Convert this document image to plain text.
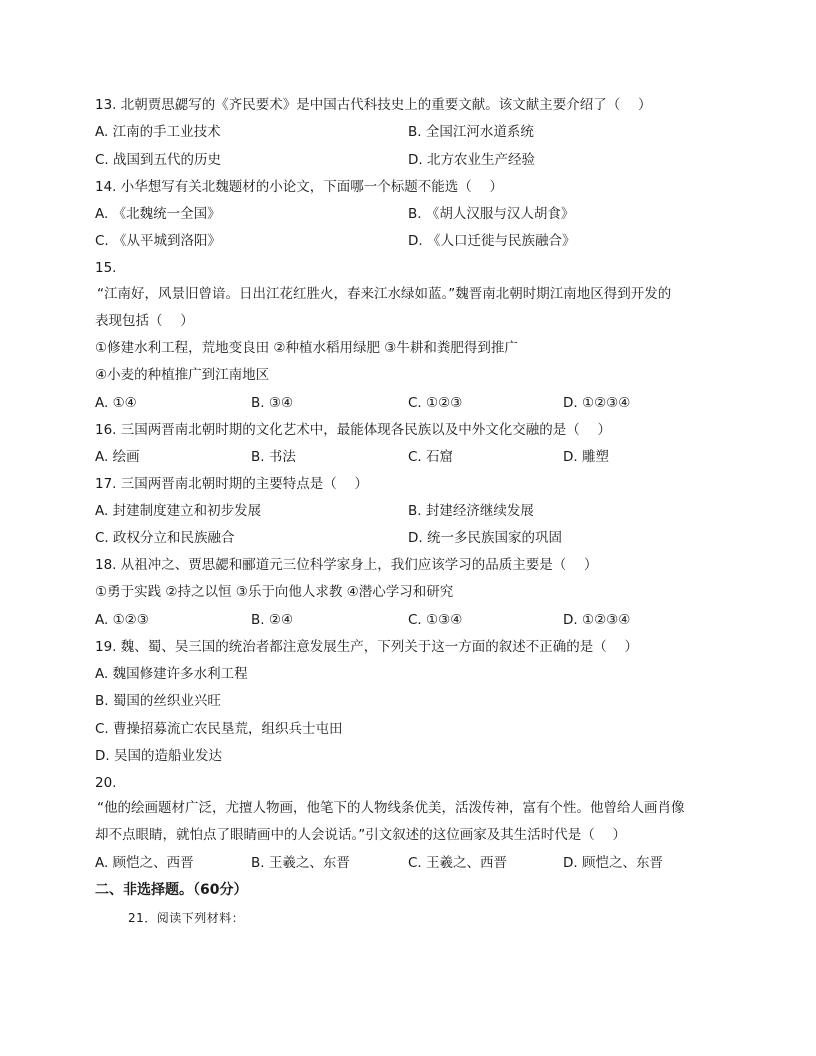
13. 北朝贾思勰写的《齐民要术》是中国古代科技史上的重要文献。该文献主要介绍了（　 ）
A. 江南的手工业技术	B. 全国江河水道系统
C. 战国到五代的历史	D. 北方农业生产经验
14. 小华想写有关北魏题材的小论文，下面哪一个标题不能选（　 ）
A. 《北魏统一全国》	B. 《胡人汉服与汉人胡食》
C. 《从平城到洛阳》	D. 《人口迁徙与民族融合》
15.
“江南好，风景旧曾谙。日出江花红胜火，春来江水绿如蓝。”魏晋南北朝时期江南地区得到开发的
表现包括（　 ）
①修建水利工程，荒地变良田 ②种植水稻用绿肥 ③牛耕和粪肥得到推广
④小麦的种植推广到江南地区
A. ①④	B. ③④	C. ①②③	D. ①②③④
16. 三国两晋南北朝时期的文化艺术中，最能体现各民族以及中外文化交融的是（　 ）
A. 绘画	B. 书法	C. 石窟	D. 雕塑
17. 三国两晋南北朝时期的主要特点是（　 ）
A. 封建制度建立和初步发展	B. 封建经济继续发展
C. 政权分立和民族融合	D. 统一多民族国家的巩固
18. 从祖冲之、贾思勰和郦道元三位科学家身上，我们应该学习的品质主要是（　 ）
①勇于实践 ②持之以恒 ③乐于向他人求教 ④潜心学习和研究
A. ①②③	B. ②④	C. ①③④	D. ①②③④
19. 魏、蜀、吴三国的统治者都注意发展生产，下列关于这一方面的叙述不正确的是（　 ）
A. 魏国修建许多水利工程
B. 蜀国的丝织业兴旺
C. 曹操招募流亡农民垦荒，组织兵士屯田
D. 吴国的造船业发达
20.
“他的绘画题材广泛，尤擅人物画，他笔下的人物线条优美，活泼传神，富有个性。他曾给人画肖像
却不点眼睛，就怕点了眼睛画中的人会说话。”引文叙述的这位画家及其生活时代是（　 ）
A. 顾恺之、西晋	B. 王羲之、东晋	C. 王羲之、西晋	D. 顾恺之、东晋
二、非选择题。（60分）
21．阅读下列材料：
